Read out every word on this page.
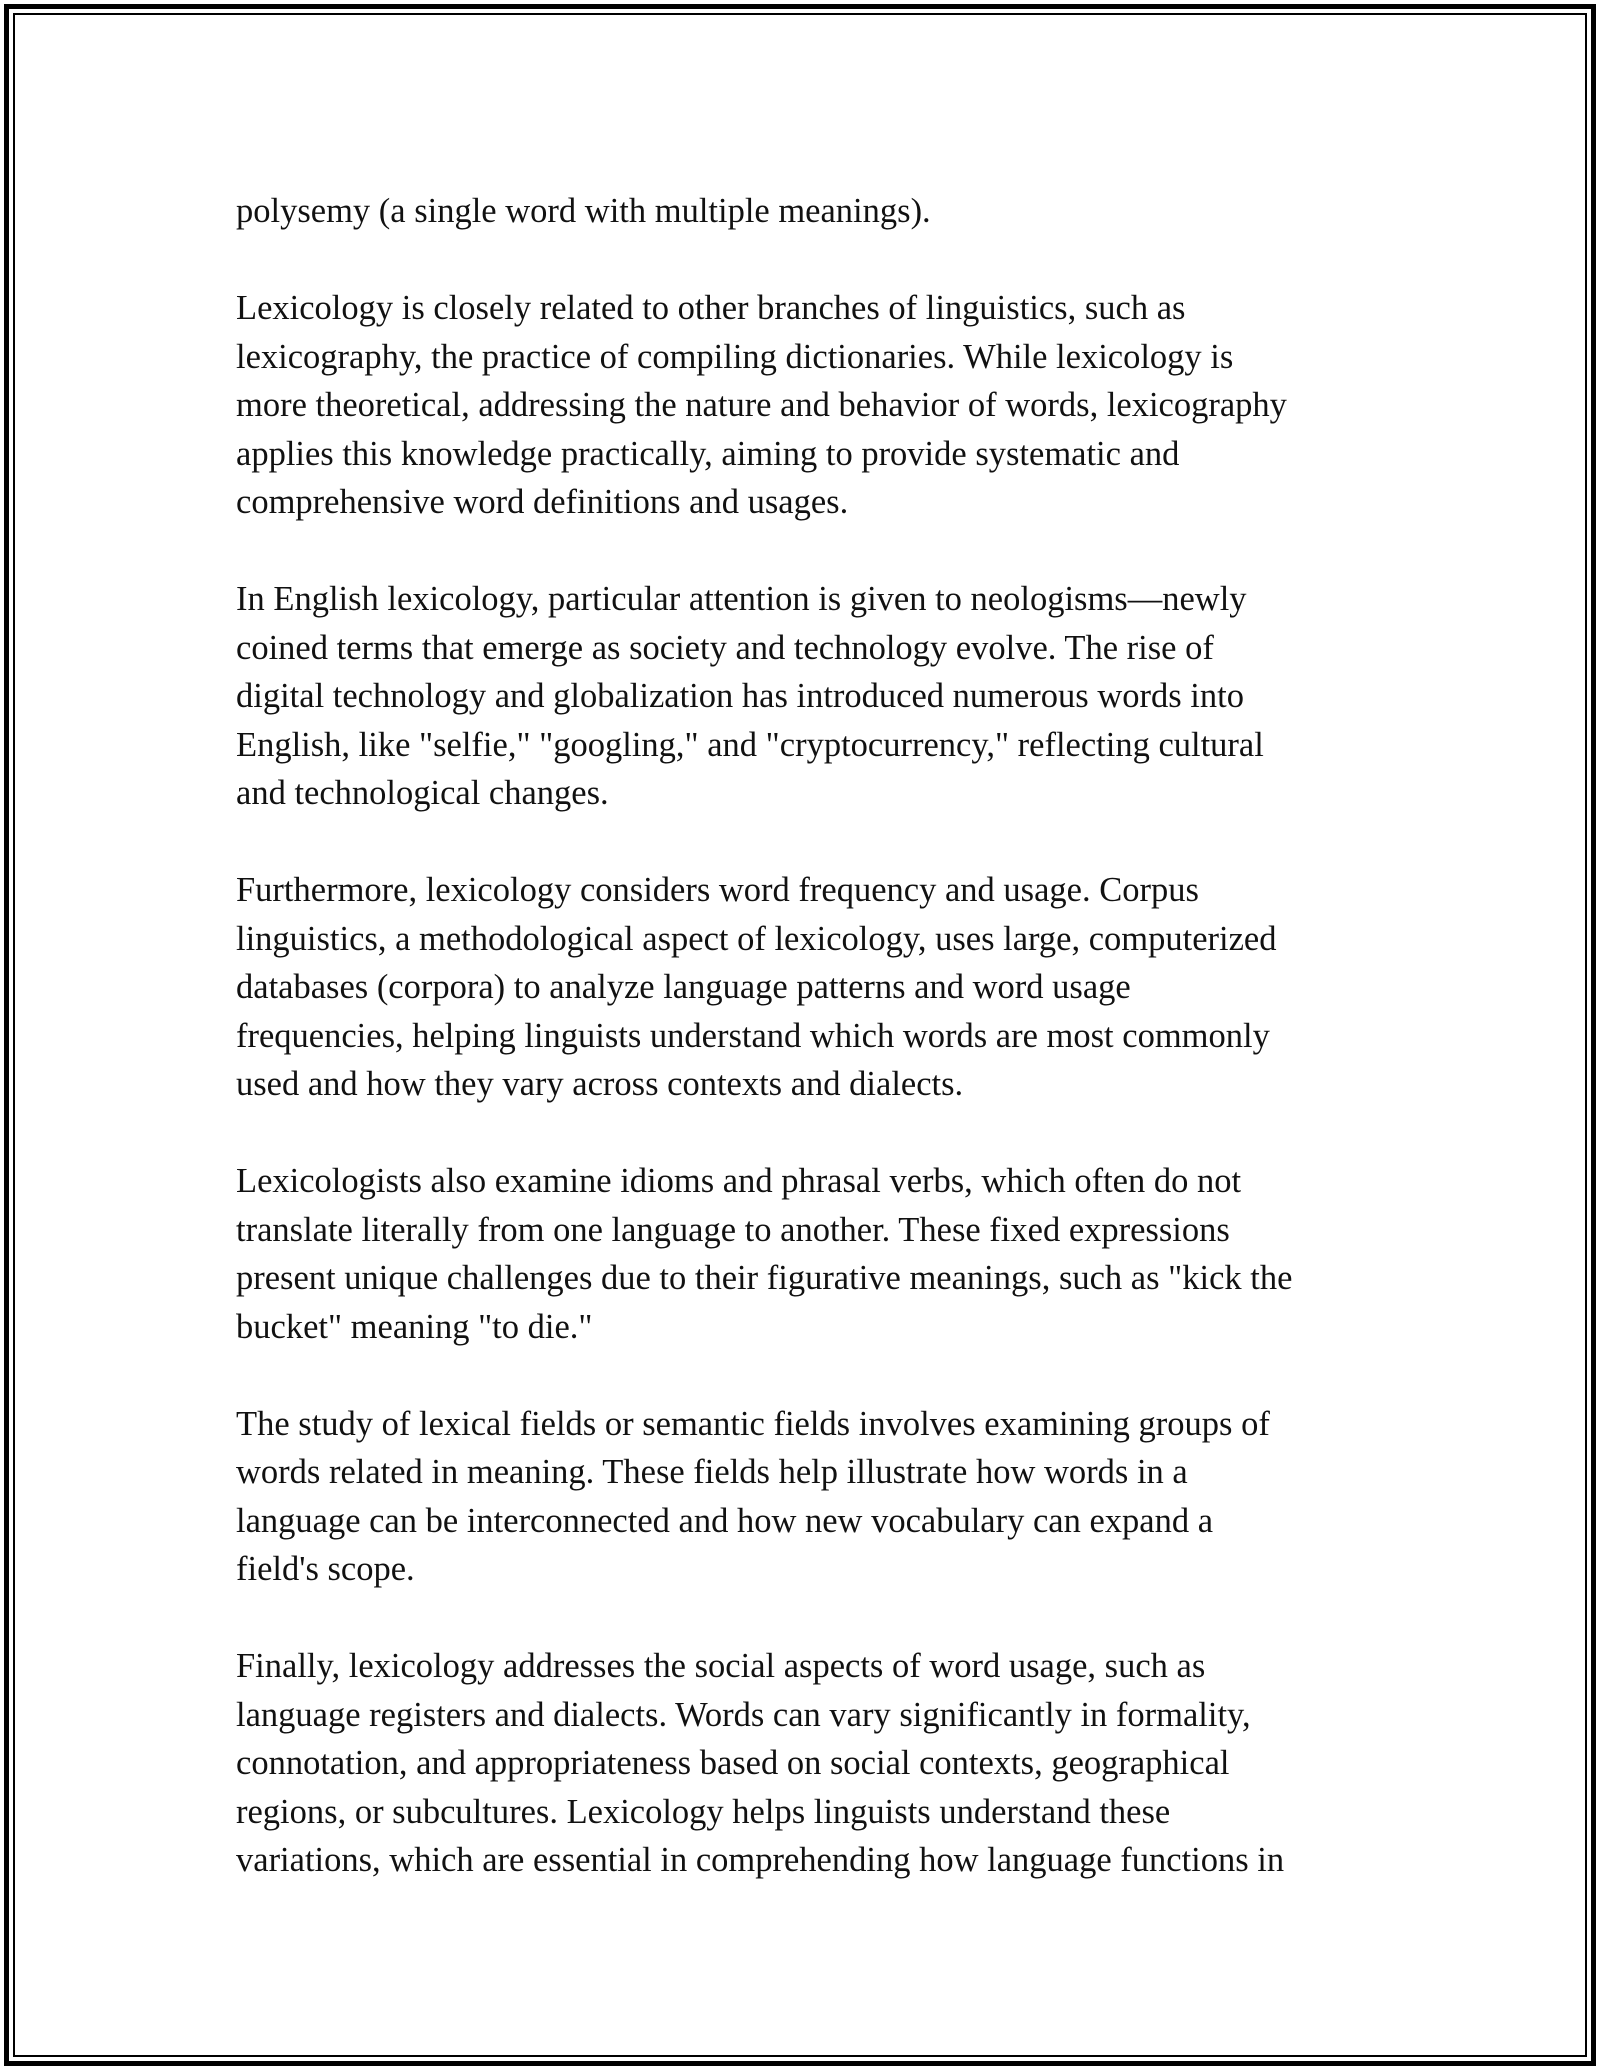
polysemy (a single word with multiple meanings).

Lexicology is closely related to other branches of linguistics, such as
lexicography, the practice of compiling dictionaries. While lexicology is
more theoretical, addressing the nature and behavior of words, lexicography
applies this knowledge practically, aiming to provide systematic and
comprehensive word definitions and usages.

In English lexicology, particular attention is given to neologisms—newly
coined terms that emerge as society and technology evolve. The rise of
digital technology and globalization has introduced numerous words into
English, like "selfie," "googling," and "cryptocurrency," reflecting cultural
and technological changes.

Furthermore, lexicology considers word frequency and usage. Corpus
linguistics, a methodological aspect of lexicology, uses large, computerized
databases (corpora) to analyze language patterns and word usage
frequencies, helping linguists understand which words are most commonly
used and how they vary across contexts and dialects.

Lexicologists also examine idioms and phrasal verbs, which often do not
translate literally from one language to another. These fixed expressions
present unique challenges due to their figurative meanings, such as "kick the
bucket" meaning "to die."

The study of lexical fields or semantic fields involves examining groups of
words related in meaning. These fields help illustrate how words in a
language can be interconnected and how new vocabulary can expand a
field's scope.

Finally, lexicology addresses the social aspects of word usage, such as
language registers and dialects. Words can vary significantly in formality,
connotation, and appropriateness based on social contexts, geographical
regions, or subcultures. Lexicology helps linguists understand these
variations, which are essential in comprehending how language functions in
